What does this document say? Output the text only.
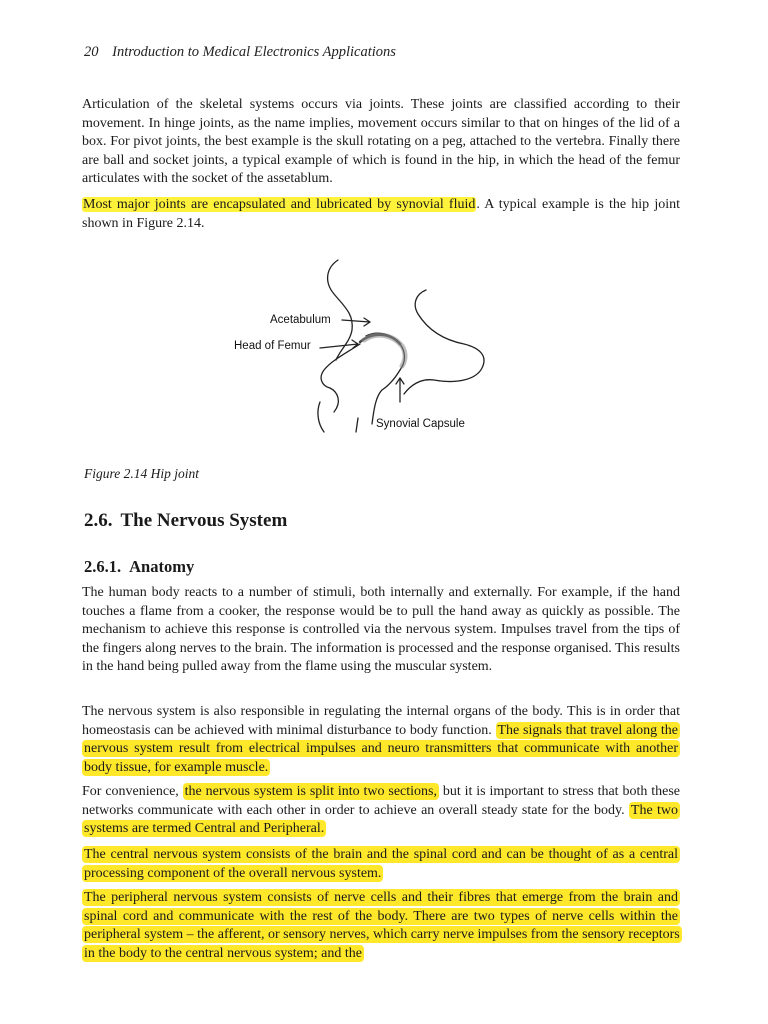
20 Introduction to Medical Electronics Applications

Articulation of the skeletal systems occurs via joints. These joints are classified according to their movement. In hinge joints, as the name implies, movement occurs similar to that on hinges of the lid of a box. For pivot joints, the best example is the skull rotating on a peg, attached to the vertebra. Finally there are ball and socket joints, a typical example of which is found in the hip, in which the head of the femur articulates with the socket of the assetablum.

Most major joints are encapsulated and lubricated by synovial fluid. A typical example is the hip joint shown in Figure 2.14.

Acetabulum
Head of Femur
Synovial Capsule
Figure 2.14 Hip joint
2.6. The Nervous System
2.6.1. Anatomy

The human body reacts to a number of stimuli, both internally and externally. For example, if the hand touches a flame from a cooker, the response would be to pull the hand away as quickly as possible. The mechanism to achieve this response is controlled via the nervous system. Impulses travel from the tips of the fingers along nerves to the brain. The information is processed and the response organised. This results in the hand being pulled away from the flame using the muscular system.

The nervous system is also responsible in regulating the internal organs of the body. This is in order that homeostasis can be achieved with minimal disturbance to body function. The signals that travel along the nervous system result from electrical impulses and neuro transmitters that communicate with another body tissue, for example muscle.

For convenience, the nervous system is split into two sections, but it is important to stress that both these networks communicate with each other in order to achieve an overall steady state for the body. The two systems are termed Central and Peripheral.

The central nervous system consists of the brain and the spinal cord and can be thought of as a central processing component of the overall nervous system.

The peripheral nervous system consists of nerve cells and their fibres that emerge from the brain and spinal cord and communicate with the rest of the body. There are two types of nerve cells within the peripheral system – the afferent, or sensory nerves, which carry nerve impulses from the sensory receptors in the body to the central nervous system; and the
